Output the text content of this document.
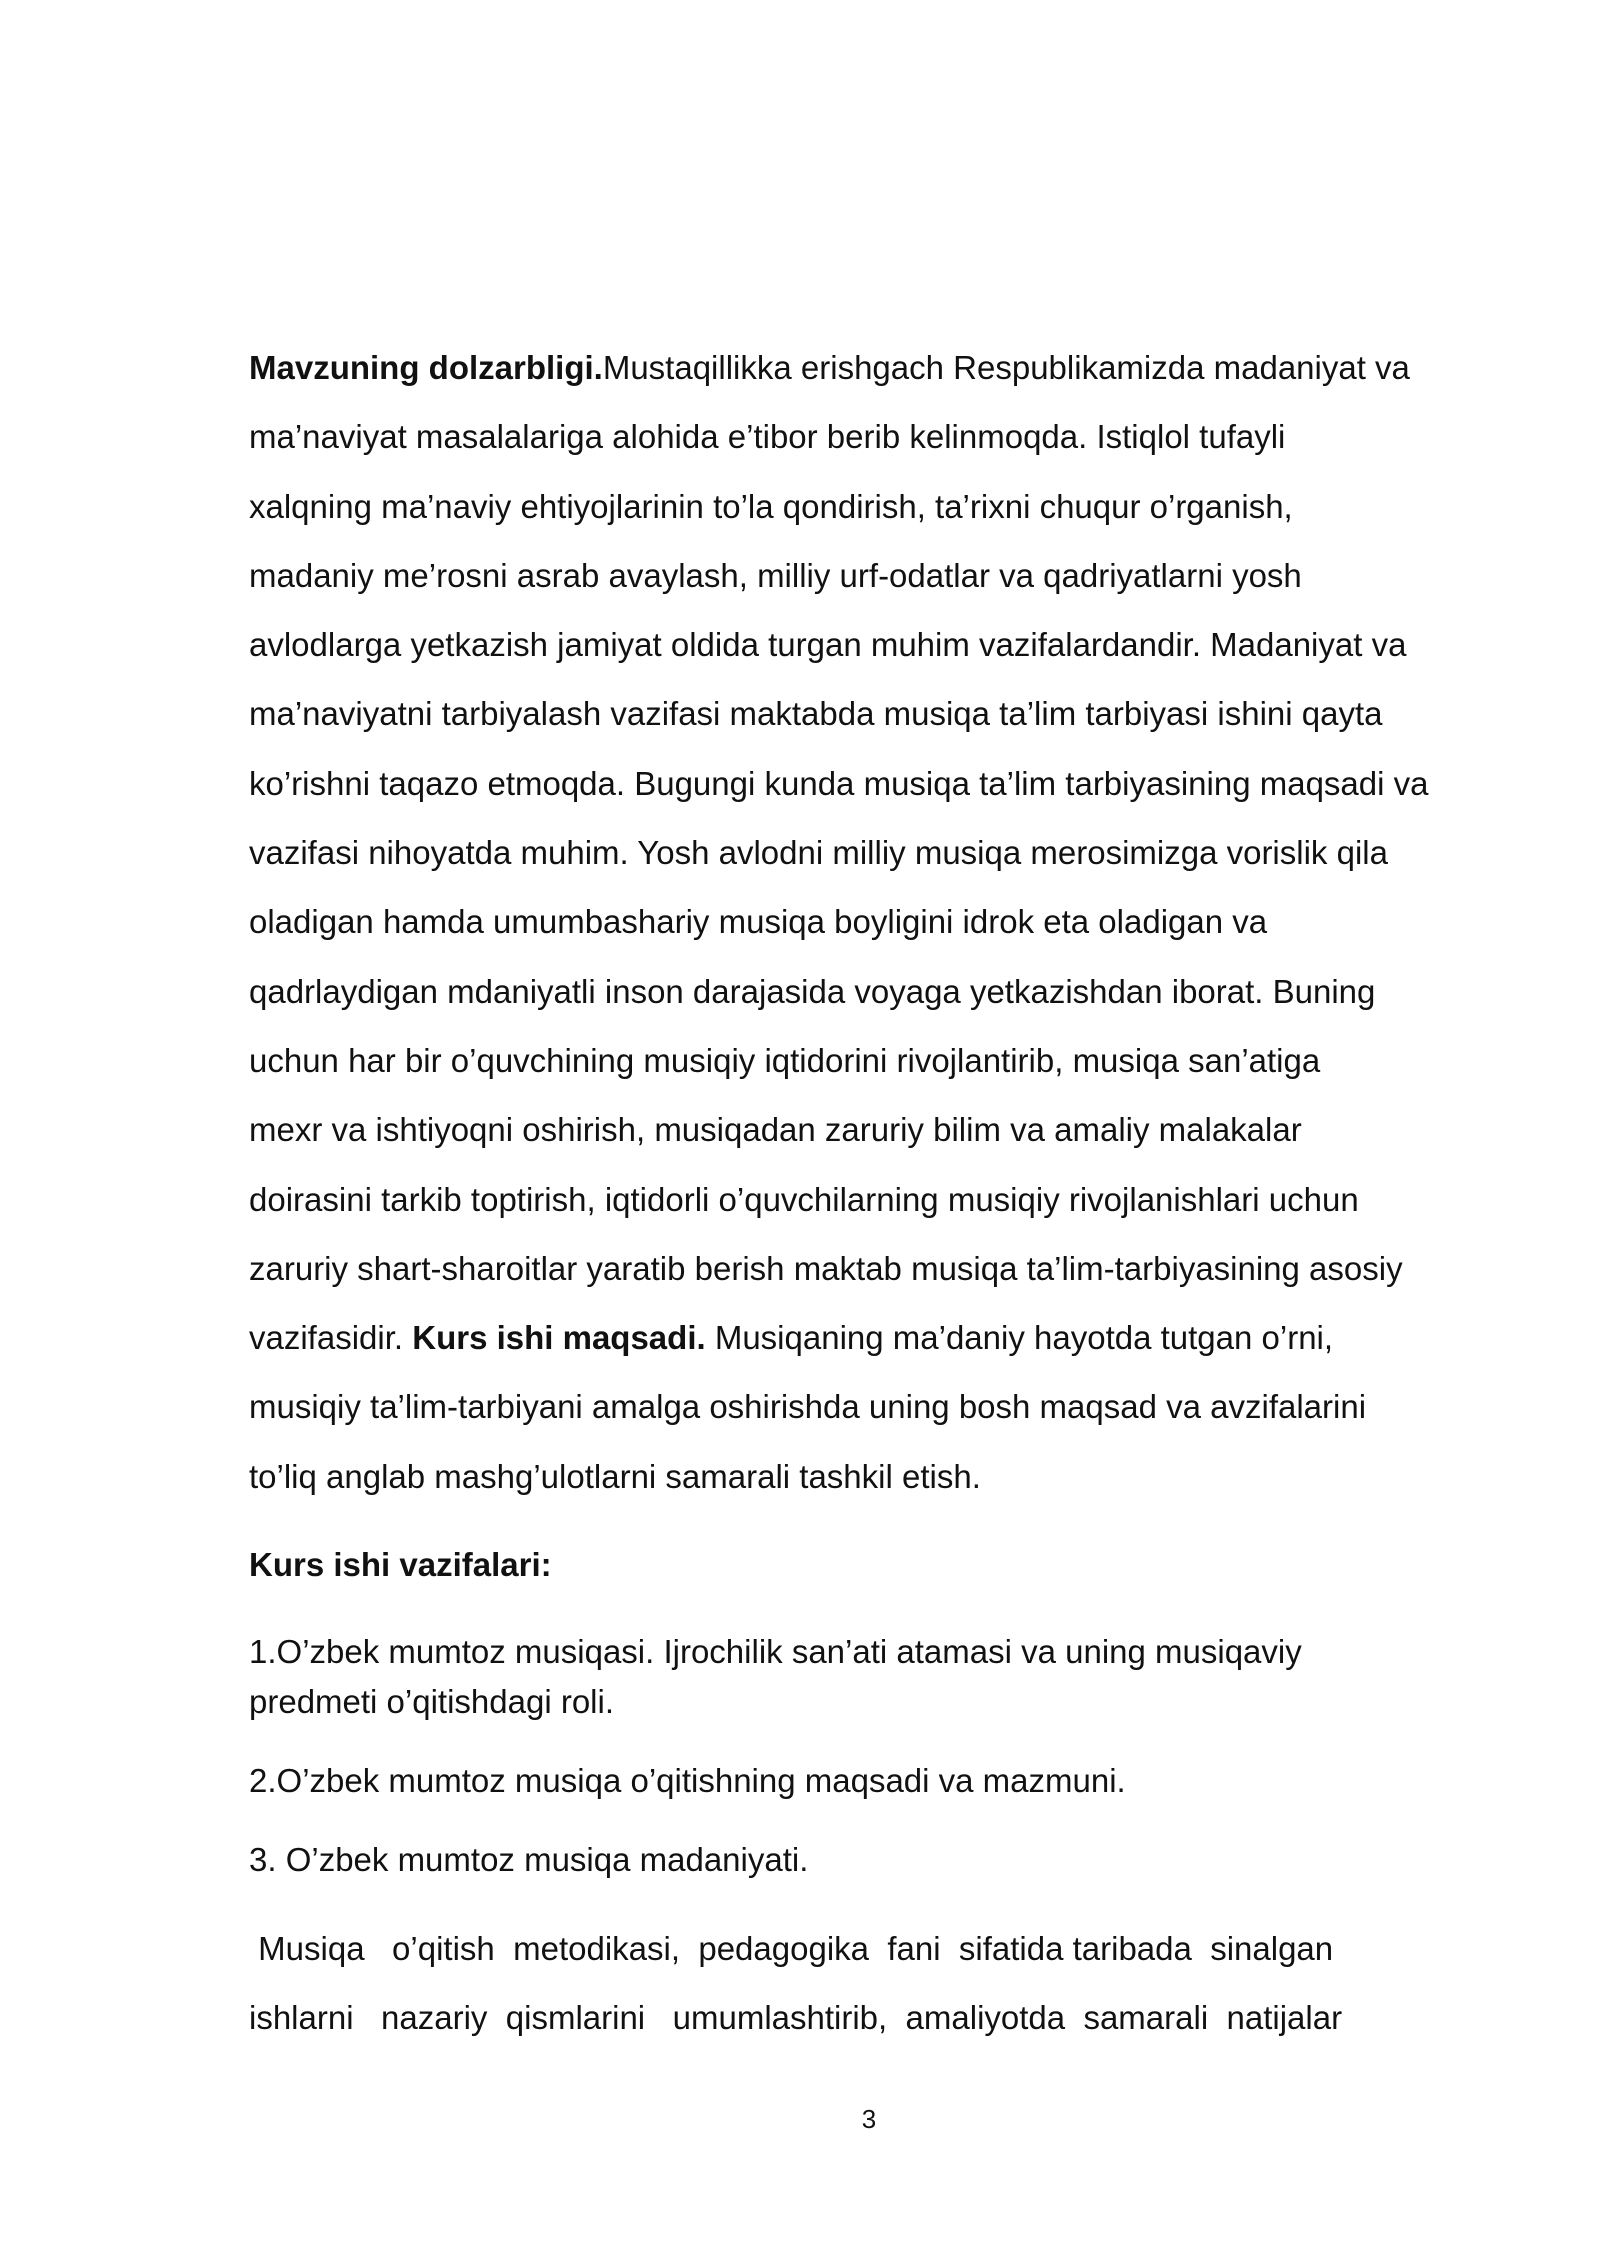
Mavzuning dolzarbligi.Mustaqillikka erishgach Respublikamizda madaniyat va
ma’naviyat masalalariga alohida e’tibor berib kelinmoqda. Istiqlol tufayli
xalqning ma’naviy ehtiyojlarinin to’la qondirish, ta’rixni chuqur o’rganish,
madaniy me’rosni asrab avaylash, milliy urf-odatlar va qadriyatlarni yosh
avlodlarga yetkazish jamiyat oldida turgan muhim vazifalardandir. Madaniyat va
ma’naviyatni tarbiyalash vazifasi maktabda musiqa ta’lim tarbiyasi ishini qayta
ko’rishni taqazo etmoqda. Bugungi kunda musiqa ta’lim tarbiyasining maqsadi va
vazifasi nihoyatda muhim. Yosh avlodni milliy musiqa merosimizga vorislik qila
oladigan hamda umumbashariy musiqa boyligini idrok eta oladigan va
qadrlaydigan mdaniyatli inson darajasida voyaga yetkazishdan iborat. Buning
uchun har bir o’quvchining musiqiy iqtidorini rivojlantirib, musiqa san’atiga
mexr va ishtiyoqni oshirish, musiqadan zaruriy bilim va amaliy malakalar
doirasini tarkib toptirish, iqtidorli o’quvchilarning musiqiy rivojlanishlari uchun
zaruriy shart-sharoitlar yaratib berish maktab musiqa ta’lim-tarbiyasining asosiy
vazifasidir. Kurs ishi maqsadi. Musiqaning ma’daniy hayotda tutgan o’rni,
musiqiy ta’lim-tarbiyani amalga oshirishda uning bosh maqsad va avzifalarini
to’liq anglab mashg’ulotlarni samarali tashkil etish.
Kurs ishi vazifalari:
1.O’zbek mumtoz musiqasi. Ijrochilik san’ati atamasi va uning musiqaviy
predmeti o’qitishdagi roli.
2.O’zbek mumtoz musiqa o’qitishning maqsadi va mazmuni.
3. O’zbek mumtoz musiqa madaniyati.
Musiqa   o’qitish  metodikasi,  pedagogika  fani  sifatida taribada  sinalgan
ishlarni   nazariy  qismlarini   umumlashtirib,  amaliyotda  samarali  natijalar
3
